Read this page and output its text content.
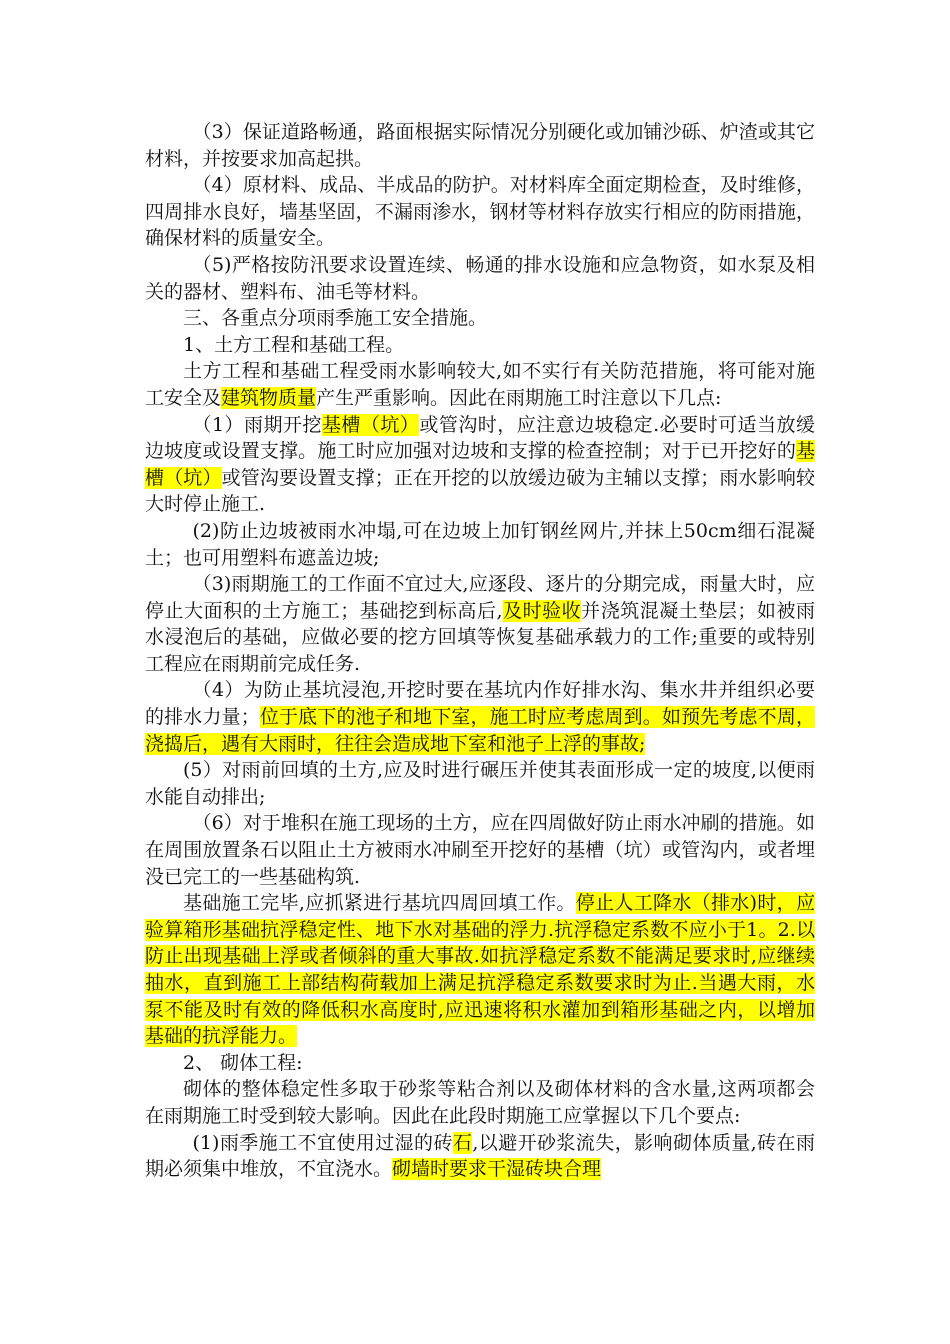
（3）保证道路畅通，路面根据实际情况分别硬化或加铺沙砾、炉渣或其它材料，并按要求加高起拱。

（4）原材料、成品、半成品的防护。对材料库全面定期检查，及时维修，四周排水良好，墙基坚固，不漏雨渗水，钢材等材料存放实行相应的防雨措施，确保材料的质量安全。

（5)严格按防汛要求设置连续、畅通的排水设施和应急物资，如水泵及相关的器材、塑料布、油毛等材料。

三、各重点分项雨季施工安全措施。

1、土方工程和基础工程。

土方工程和基础工程受雨水影响较大,如不实行有关防范措施，将可能对施工安全及建筑物质量产生严重影响。因此在雨期施工时注意以下几点:

（1）雨期开挖基槽（坑）或管沟时，应注意边坡稳定.必要时可适当放缓边坡度或设置支撑。施工时应加强对边坡和支撑的检查控制；对于已开挖好的基槽（坑）或管沟要设置支撑；正在开挖的以放缓边破为主辅以支撑；雨水影响较大时停止施工.

(2)防止边坡被雨水冲塌,可在边坡上加钉钢丝网片,并抹上50cm细石混凝土；也可用塑料布遮盖边坡;

（3)雨期施工的工作面不宜过大,应逐段、逐片的分期完成，雨量大时，应停止大面积的土方施工；基础挖到标高后,及时验收并浇筑混凝土垫层；如被雨水浸泡后的基础，应做必要的挖方回填等恢复基础承载力的工作;重要的或特别工程应在雨期前完成任务.

（4）为防止基坑浸泡,开挖时要在基坑内作好排水沟、集水井并组织必要的排水力量；位于底下的池子和地下室，施工时应考虑周到。如预先考虑不周，浇捣后，遇有大雨时，往往会造成地下室和池子上浮的事故;

(5）对雨前回填的土方,应及时进行碾压并使其表面形成一定的坡度,以便雨水能自动排出;

（6）对于堆积在施工现场的土方，应在四周做好防止雨水冲刷的措施。如在周围放置条石以阻止土方被雨水冲刷至开挖好的基槽（坑）或管沟内，或者埋没已完工的一些基础构筑.

基础施工完毕,应抓紧进行基坑四周回填工作。停止人工降水（排水)时，应验算箱形基础抗浮稳定性、地下水对基础的浮力.抗浮稳定系数不应小于1。2.以防止出现基础上浮或者倾斜的重大事故.如抗浮稳定系数不能满足要求时,应继续抽水，直到施工上部结构荷载加上满足抗浮稳定系数要求时为止.当遇大雨，水泵不能及时有效的降低积水高度时,应迅速将积水灌加到箱形基础之内，以增加基础的抗浮能力。

2、 砌体工程:

砌体的整体稳定性多取于砂浆等粘合剂以及砌体材料的含水量,这两项都会在雨期施工时受到较大影响。因此在此段时期施工应掌握以下几个要点:

(1)雨季施工不宜使用过湿的砖石,以避开砂浆流失，影响砌体质量,砖在雨期必须集中堆放，不宜浇水。砌墙时要求干湿砖块合理
